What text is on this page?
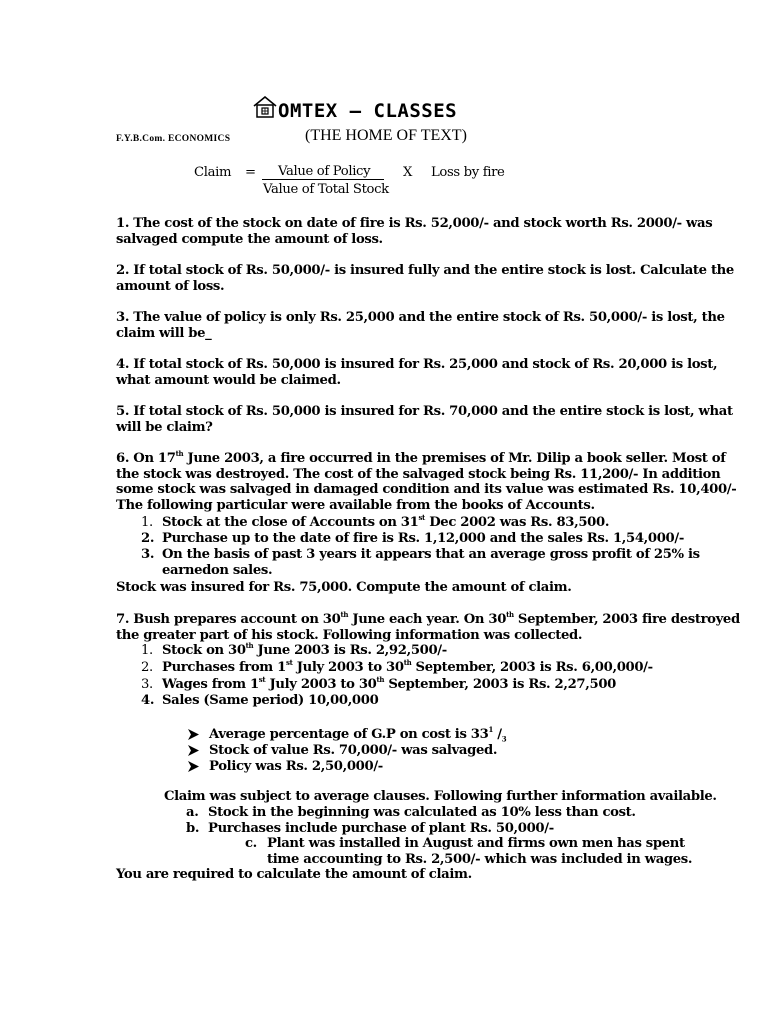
OMTEX – CLASSES
F.Y.B.Com. ECONOMICS	(THE HOME OF TEXT)
Claim =	Value of Policy	X Loss by fire
Value of Total Stock
1. The cost of the stock on date of fire is Rs. 52,000/- and stock worth Rs. 2000/- was
salvaged compute the amount of loss.
2. If total stock of Rs. 50,000/- is insured fully and the entire stock is lost. Calculate the
amount of loss.
3. The value of policy is only Rs. 25,000 and the entire stock of Rs. 50,000/- is lost, the
claim will be_
4. If total stock of Rs. 50,000 is insured for Rs. 25,000 and stock of Rs. 20,000 is lost,
what amount would be claimed.
5. If total stock of Rs. 50,000 is insured for Rs. 70,000 and the entire stock is lost, what
will be claim?
6. On 17th June 2003, a fire occurred in the premises of Mr. Dilip a book seller. Most of
the stock was destroyed. The cost of the salvaged stock being Rs. 11,200/- In addition
some stock was salvaged in damaged condition and its value was estimated Rs. 10,400/-
The following particular were available from the books of Accounts.
1. Stock at the close of Accounts on 31st Dec 2002 was Rs. 83,500.
2. Purchase up to the date of fire is Rs. 1,12,000 and the sales Rs. 1,54,000/-
3. On the basis of past 3 years it appears that an average gross profit of 25% is
earnedon sales.
Stock was insured for Rs. 75,000. Compute the amount of claim.
7. Bush prepares account on 30th June each year. On 30th September, 2003 fire destroyed
the greater part of his stock. Following information was collected.
1. Stock on 30th June 2003 is Rs. 2,92,500/-
2. Purchases from 1st July 2003 to 30th September, 2003 is Rs. 6,00,000/-
3. Wages from 1st July 2003 to 30th September, 2003 is Rs. 2,27,500
4. Sales (Same period) 10,00,000
Average percentage of G.P on cost is $33^1$ $/_3$
Stock of value Rs. 70,000/- was salvaged.
Policy was Rs. 2,50,000/-
Claim was subject to average clauses. Following further information available.
a. Stock in the beginning was calculated as 10% less than cost.
b. Purchases include purchase of plant Rs. 50,000/-
c. Plant was installed in August and firms own men has spent
time accounting to Rs. 2,500/- which was included in wages.
You are required to calculate the amount of claim.
